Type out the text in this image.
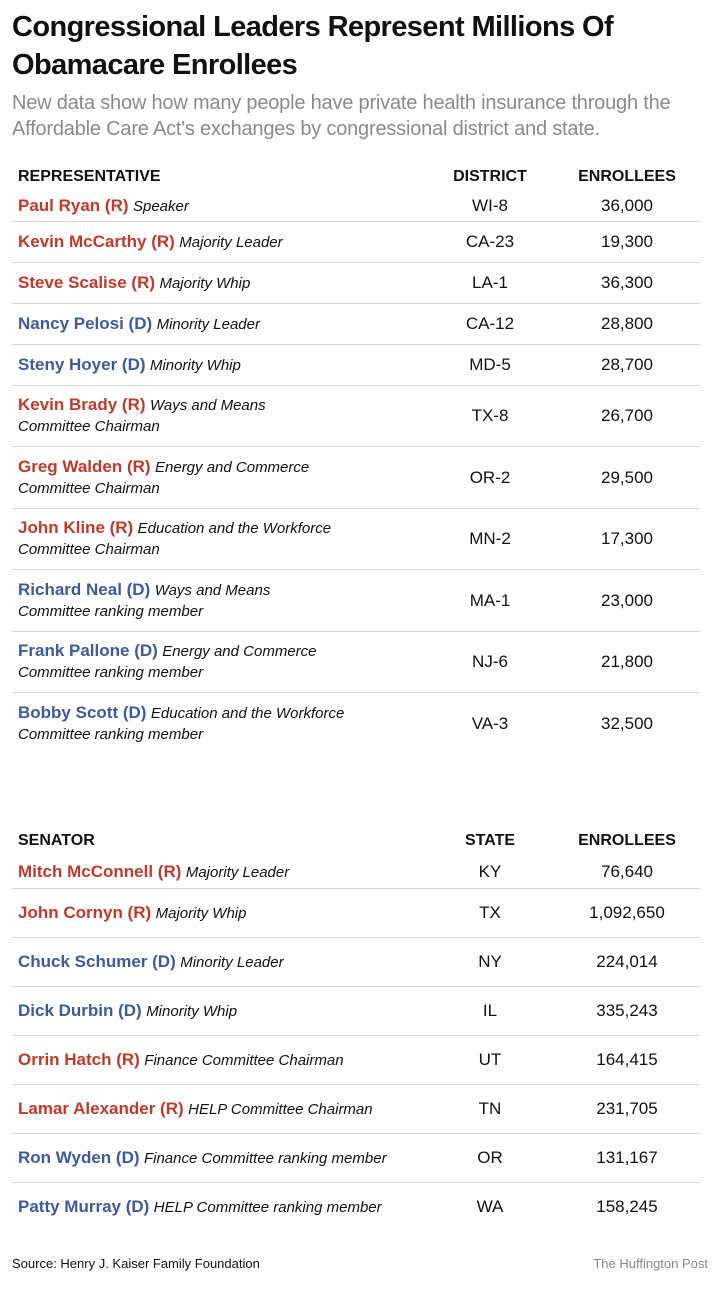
Congressional Leaders Represent Millions Of Obamacare Enrollees
New data show how many people have private health insurance through the Affordable Care Act's exchanges by congressional district and state.
REPRESENTATIVE	DISTRICT	ENROLLEES
Paul Ryan (R) Speaker	WI-8	36,000
Kevin McCarthy (R) Majority Leader	CA-23	19,300
Steve Scalise (R) Majority Whip	LA-1	36,300
Nancy Pelosi (D) Minority Leader	CA-12	28,800
Steny Hoyer (D) Minority Whip	MD-5	28,700
Kevin Brady (R) Ways and Means
Committee Chairman	TX-8	26,700
Greg Walden (R) Energy and Commerce
Committee Chairman	OR-2	29,500
John Kline (R) Education and the Workforce
Committee Chairman	MN-2	17,300
Richard Neal (D) Ways and Means
Committee ranking member	MA-1	23,000
Frank Pallone (D) Energy and Commerce
Committee ranking member	NJ-6	21,800
Bobby Scott (D) Education and the Workforce
Committee ranking member	VA-3	32,500
SENATOR	STATE	ENROLLEES
Mitch McConnell (R) Majority Leader	KY	76,640
John Cornyn (R) Majority Whip	TX	1,092,650
Chuck Schumer (D) Minority Leader	NY	224,014
Dick Durbin (D) Minority Whip	IL	335,243
Orrin Hatch (R) Finance Committee Chairman	UT	164,415
Lamar Alexander (R) HELP Committee Chairman	TN	231,705
Ron Wyden (D) Finance Committee ranking member	OR	131,167
Patty Murray (D) HELP Committee ranking member	WA	158,245
Source: Henry J. Kaiser Family Foundation	The Huffington Post
